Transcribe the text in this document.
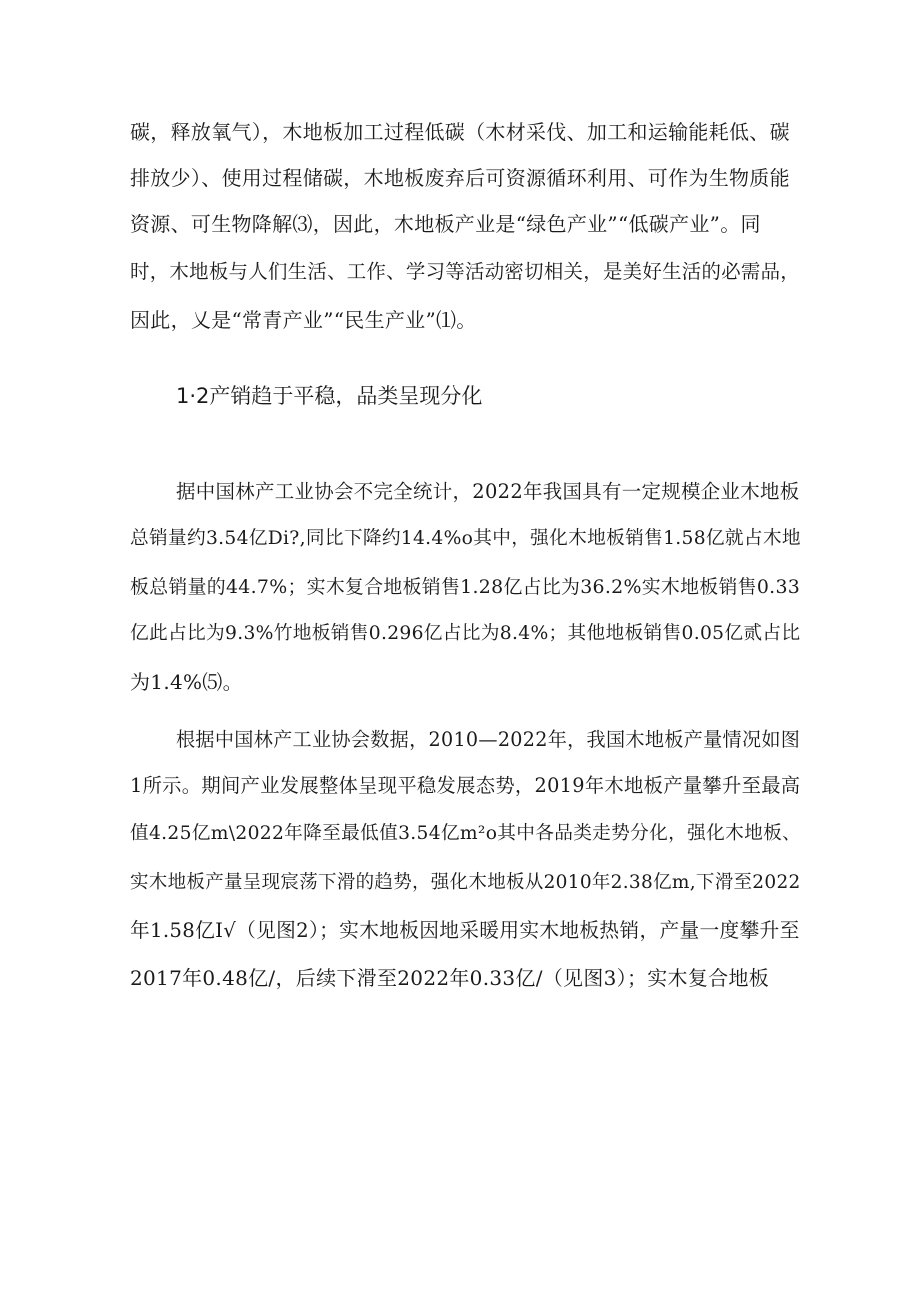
碳，释放氧气），木地板加工过程低碳（木材采伐、加工和运输能耗低、碳
排放少）、使用过程储碳，木地板废弃后可资源循环利用、可作为生物质能
资源、可生物降解⑶，因此，木地板产业是“绿色产业”“低碳产业”。同
时，木地板与人们生活、工作、学习等活动密切相关，是美好生活的必需品，
因此，乂是“常青产业”“民生产业”⑴。
1·2产销趋于平稳，品类呈现分化
据中国林产工业协会不完全统计，2022年我国具有一定规模企业木地板
总销量约3.54亿Di?,同比下降约14.4%o其中，强化木地板销售1.58亿就占木地
板总销量的44.7%；实木复合地板销售1.28亿占比为36.2%实木地板销售0.33
亿此占比为9.3%竹地板销售0.296亿占比为8.4%；其他地板销售0.05亿贰占比
为1.4%⑸。
根据中国林产工业协会数据，2010—2022年，我国木地板产量情况如图
1所示。期间产业发展整体呈现平稳发展态势，2019年木地板产量攀升至最高
值4.25亿m\2022年降至最低值3.54亿m²o其中各品类走势分化，强化木地板、
实木地板产量呈现宸荡下滑的趋势，强化木地板从2010年2.38亿m,下滑至2022
年1.58亿I√（见图2）；实木地板因地采暖用实木地板热销，产量一度攀升至
2017年0.48亿/，后续下滑至2022年0.33亿/（见图3）；实木复合地板
